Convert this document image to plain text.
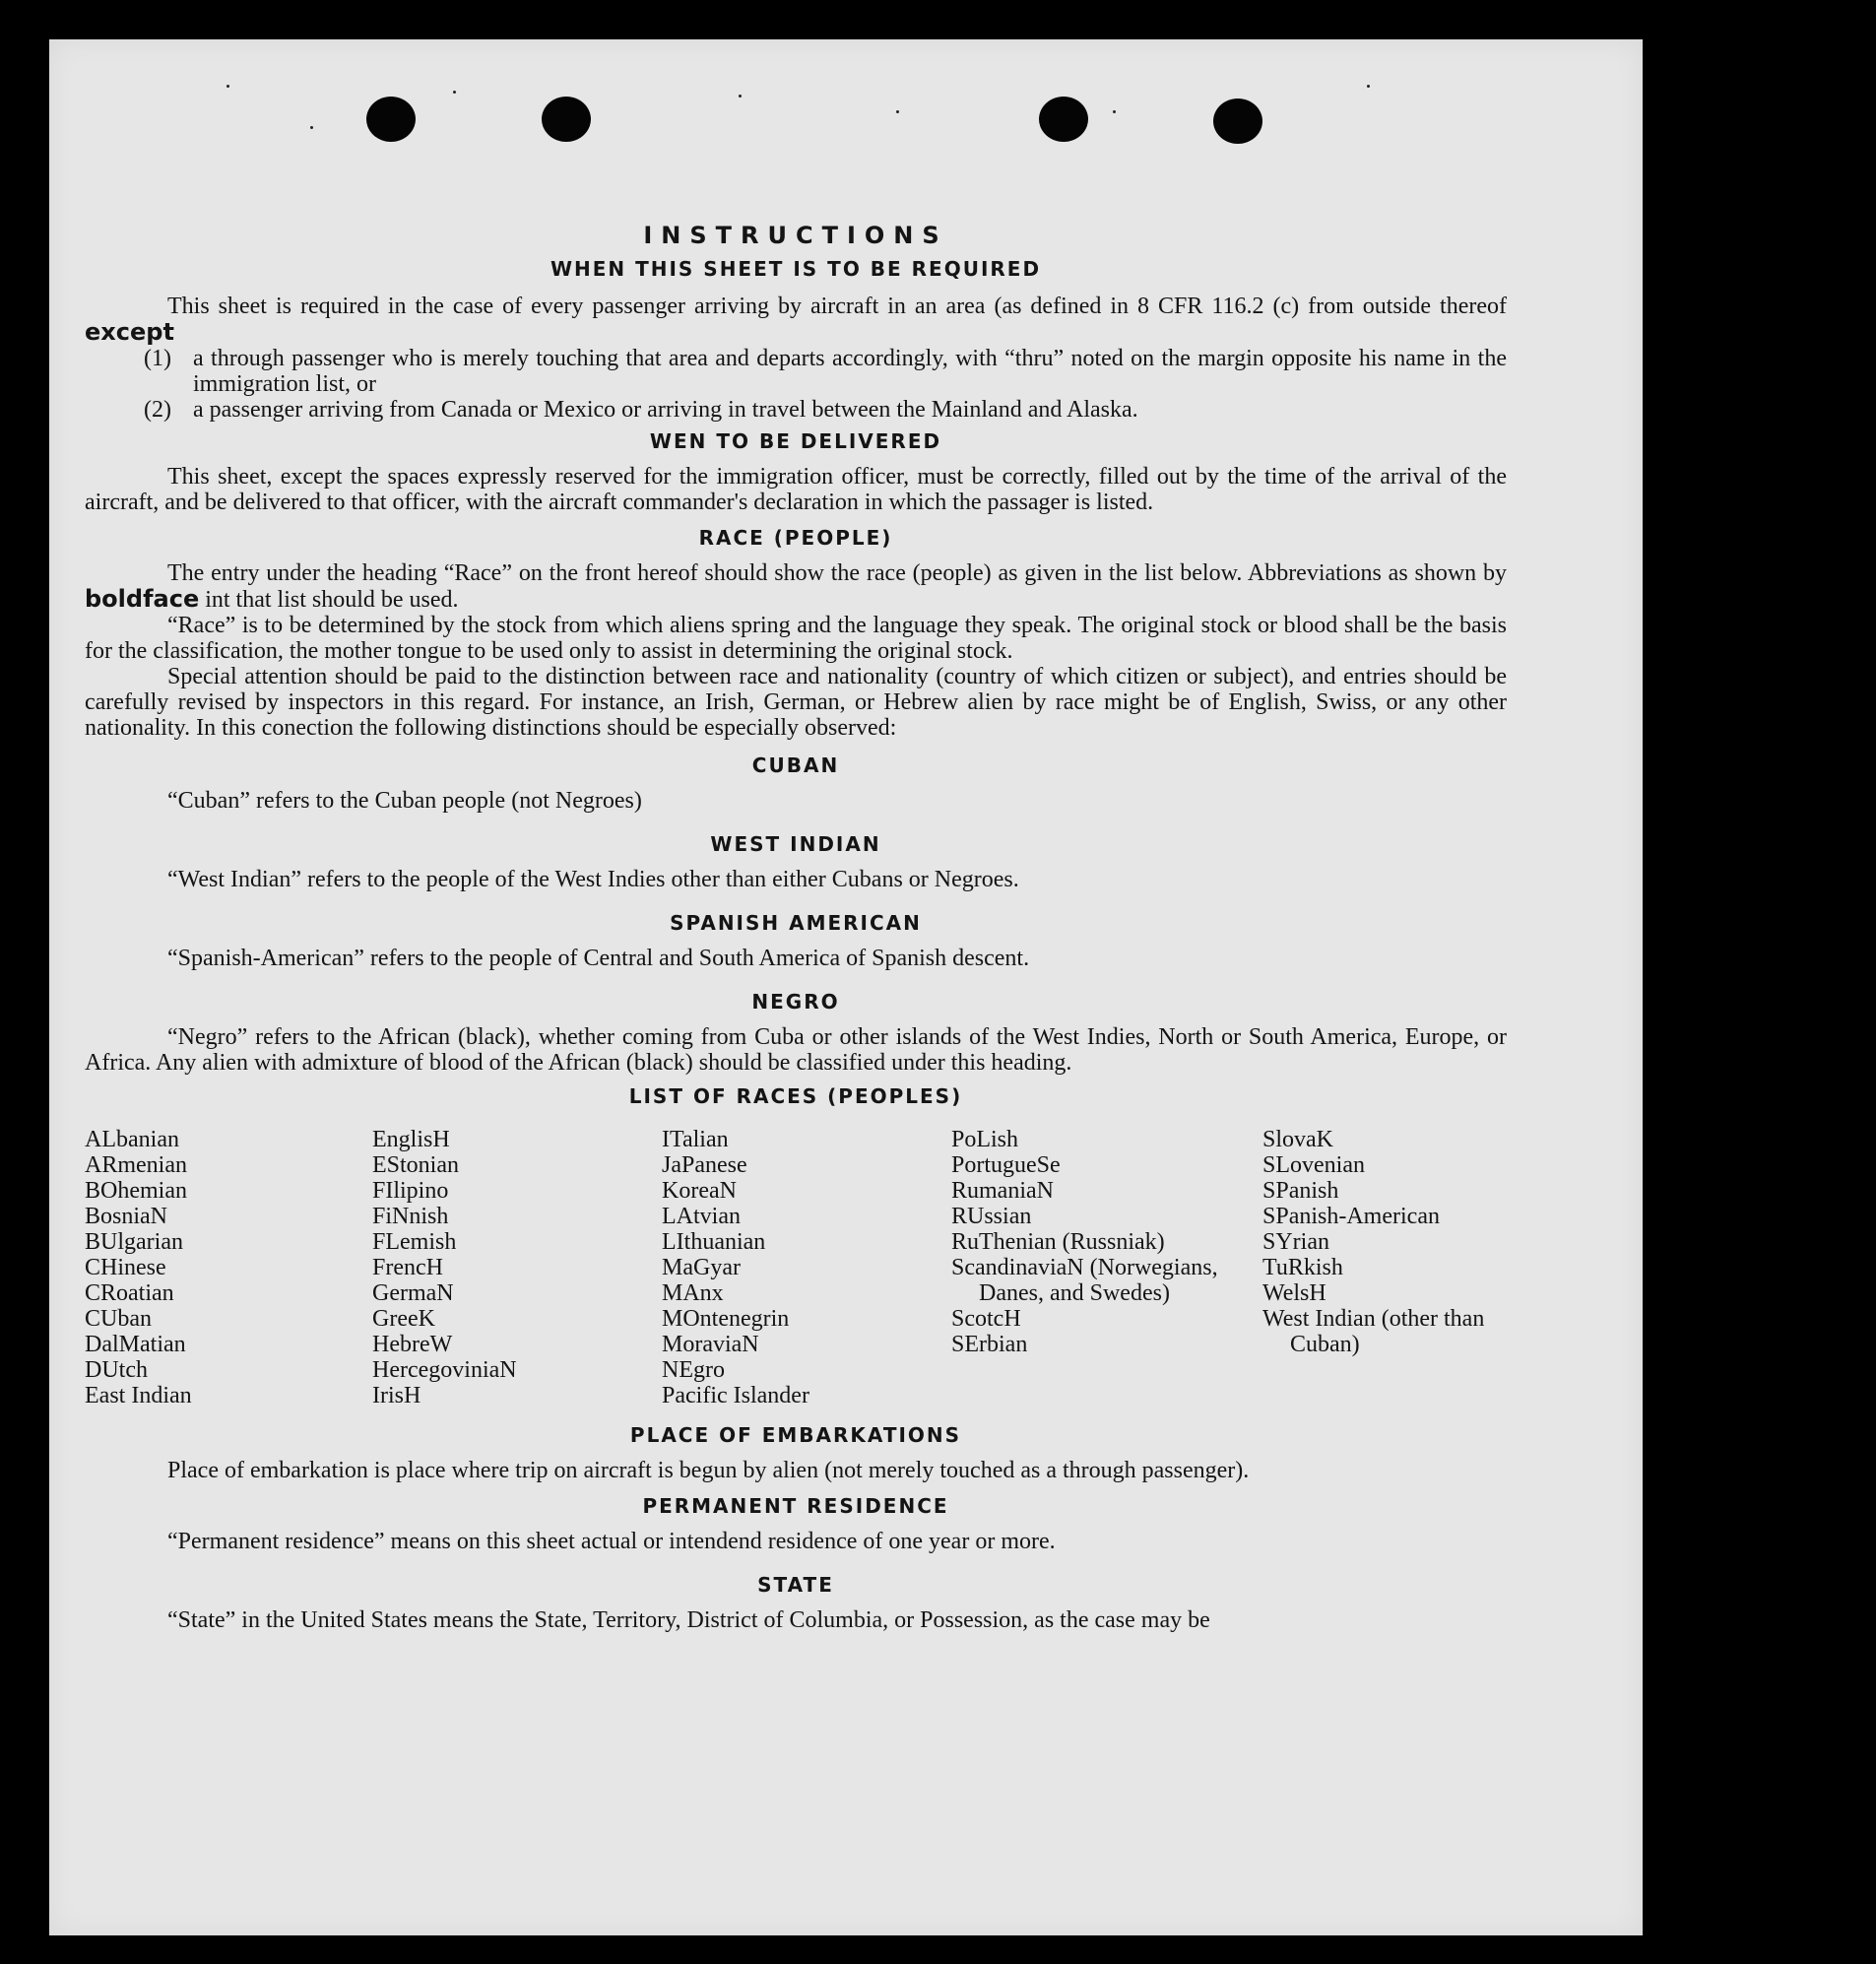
INSTRUCTIONS
WHEN THIS SHEET IS TO BE REQUIRED

This sheet is required in the case of every passenger arriving by aircraft in an area (as defined in 8 CFR 116.2 (c) from outside thereof except

(1) a through passenger who is merely touching that area and departs accordingly, with “thru” noted on the margin opposite his name in the immigration list, or

(2) a passenger arriving from Canada or Mexico or arriving in travel between the Mainland and Alaska.

WEN TO BE DELIVERED

This sheet, except the spaces expressly reserved for the immigration officer, must be correctly, filled out by the time of the arrival of the aircraft, and be delivered to that officer, with the aircraft commander's declaration in which the passager is listed.

RACE (PEOPLE)

The entry under the heading “Race” on the front hereof should show the race (people) as given in the list below. Abbreviations as shown by boldface int that list should be used.

“Race” is to be determined by the stock from which aliens spring and the language they speak. The original stock or blood shall be the basis for the classification, the mother tongue to be used only to assist in determining the original stock.

Special attention should be paid to the distinction between race and nationality (country of which citizen or subject), and entries should be carefully revised by inspectors in this regard. For instance, an Irish, German, or Hebrew alien by race might be of English, Swiss, or any other nationality. In this conection the following distinctions should be especially observed:

CUBAN

“Cuban” refers to the Cuban people (not Negroes)

WEST INDIAN

“West Indian” refers to the people of the West Indies other than either Cubans or Negroes.

SPANISH AMERICAN

“Spanish-American” refers to the people of Central and South America of Spanish descent.

NEGRO

“Negro” refers to the African (black), whether coming from Cuba or other islands of the West Indies, North or South America, Europe, or Africa. Any alien with admixture of blood of the African (black) should be classified under this heading.

LIST OF RACES (PEOPLES)
ALbanian
ARmenian
BOhemian
BosniaN
BUlgarian
CHinese
CRoatian
CUban
DalMatian
DUtch
East Indian
EnglisH
EStonian
FIlipino
FiNnish
FLemish
FrencH
GermaN
GreeK
HebreW
HercegoviniaN
IrisH
ITalian
JaPanese
KoreaN
LAtvian
LIthuanian
MaGyar
MAnx
MOntenegrin
MoraviaN
NEgro
Pacific Islander
PoLish
PortugueSe
RumaniaN
RUssian
RuThenian (Russniak)
ScandinaviaN (Norwegians, Danes, and Swedes)
ScotcH
SErbian
SlovaK
SLovenian
SPanish
SPanish-American
SYrian
TuRkish
WelsH
West Indian (other than Cuban)
PLACE OF EMBARKATIONS

Place of embarkation is place where trip on aircraft is begun by alien (not merely touched as a through passenger).

PERMANENT RESIDENCE

“Permanent residence” means on this sheet actual or intendend residence of one year or more.

STATE

“State” in the United States means the State, Territory, District of Columbia, or Possession, as the case may be
